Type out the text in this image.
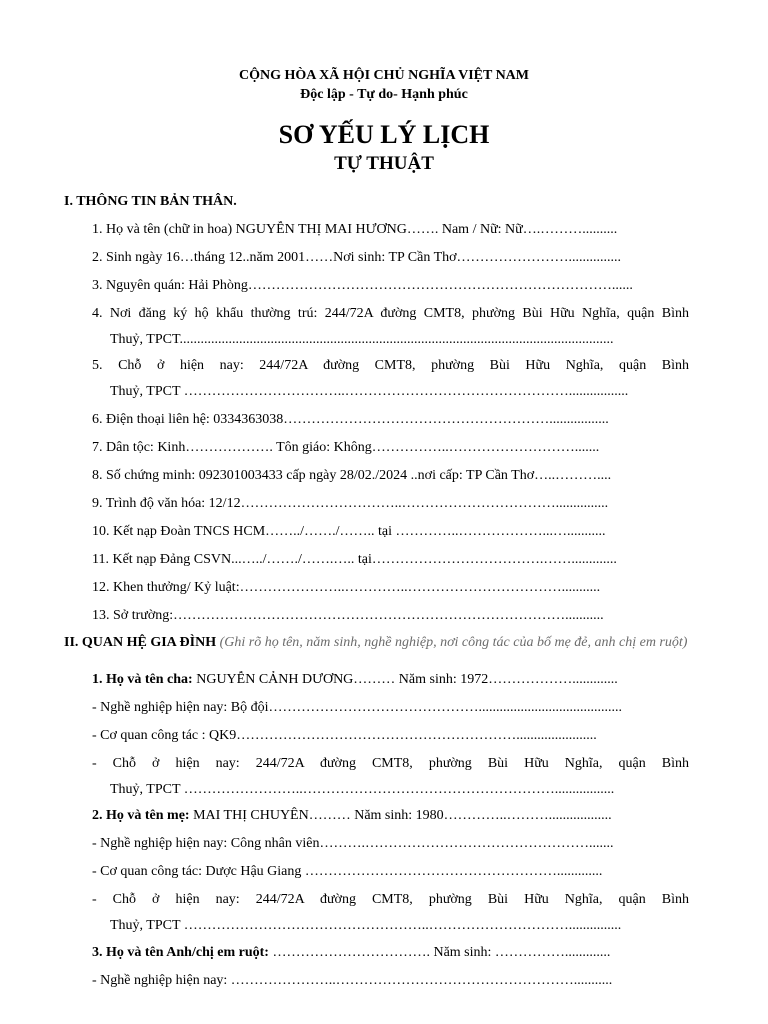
CỘNG HÒA XÃ HỘI CHỦ NGHĨA VIỆT NAM
Độc lập - Tự do- Hạnh phúc
SƠ YẾU LÝ LỊCH
TỰ THUẬT
I. THÔNG TIN BẢN THÂN.
1. Họ và tên (chữ in hoa) NGUYỄN THỊ MAI HƯƠNG……. Nam / Nữ: Nữ….………..........
2. Sinh ngày 16…tháng 12..năm 2001……Nơi sinh: TP Cần Thơ……………………...............
3. Nguyên quán: Hải Phòng……………………………………………………………………......
4. Nơi đăng ký hộ khẩu thường trú: 244/72A đường CMT8, phường Bùi Hữu Nghĩa, quận Bình
Thuỷ, TPCT............................................................................................................................
5. Chỗ ở hiện nay: 244/72A đường CMT8, phường Bùi Hữu Nghĩa, quận Bình
Thuỷ, TPCT ……………………………..………………………………………….................
6. Điện thoại liên hệ: 0334363038………………………………………………….................
7. Dân tộc: Kinh………………. Tôn giáo: Không……………..……………………….......
8. Số chứng minh: 092301003433 cấp ngày 28/02./2024 ..nơi cấp: TP Cần Thơ…..………....
9. Trình độ văn hóa: 12/12……………………………..……………………………...............
10. Kết nạp Đoàn TNCS HCM……../……./…….. tại …………..………………...…...........
11. Kết nạp Đảng CSVN...…../……./…….….. tại……………………………….…….............
12. Khen thưởng/ Kỷ luật:…………………..…………..……………………………...........
13. Sở trường:…………………………………………………………………………...........
II. QUAN HỆ GIA ĐÌNH (Ghi rõ họ tên, năm sinh, nghề nghiệp, nơi công tác của bố mẹ đẻ, anh chị em ruột)
1. Họ và tên cha: NGUYỄN CẢNH DƯƠNG……… Năm sinh: 1972……………….............
- Nghề nghiệp hiện nay: Bộ đội……………………………………….........................................
- Cơ quan công tác : QK9…………………………………………………….......................
- Chỗ ở hiện nay: 244/72A đường CMT8, phường Bùi Hữu Nghĩa, quận Bình
Thuỷ, TPCT ……………………..……………………………………………….................
2. Họ và tên mẹ: MAI THỊ CHUYÊN……… Năm sinh: 1980…………..………..................
- Nghề nghiệp hiện nay: Công nhân viên……….………………………………………….......
- Cơ quan công tác: Dược Hậu Giang ……………………………………………….............
- Chỗ ở hiện nay: 244/72A đường CMT8, phường Bùi Hữu Nghĩa, quận Bình
Thuỷ, TPCT ……………………………………………..…………………………...............
3. Họ và tên Anh/chị em ruột: ……………………………. Năm sinh: …………….............
- Nghề nghiệp hiện nay: …………………..……………………………………………...........
